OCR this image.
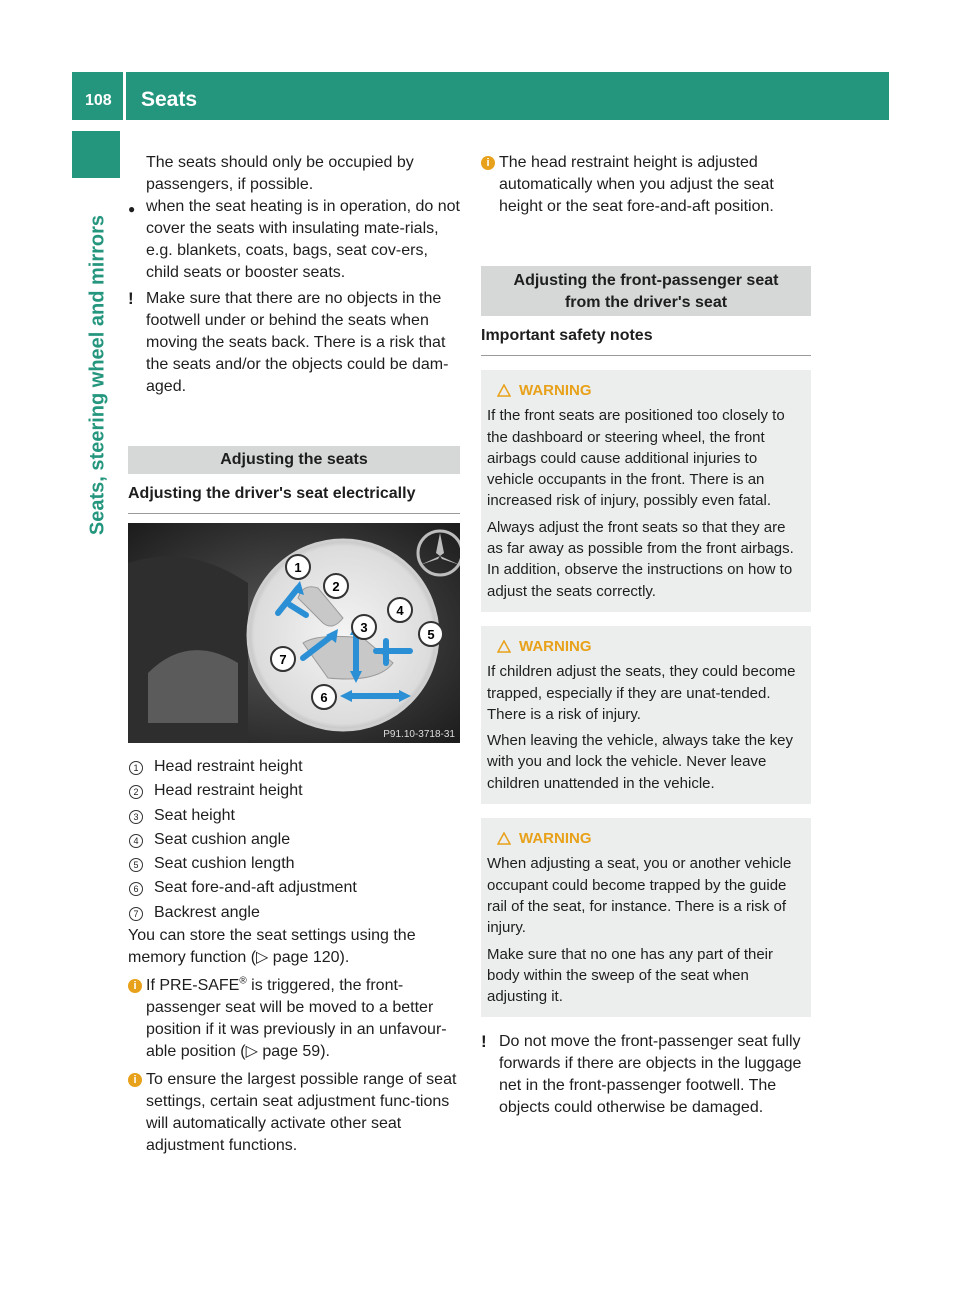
108 Seats
Seats, steering wheel and mirrors

The seats should only be occupied by passengers, if possible.

● when the seat heating is in operation, do not cover the seats with insulating mate-rials, e.g. blankets, coats, bags, seat cov-ers, child seats or booster seats.

! Make sure that there are no objects in the footwell under or behind the seats when moving the seats back. There is a risk that the seats and/or the objects could be dam-aged.

Adjusting the seats
Adjusting the driver's seat electrically
1
2
3
4
5
6
7
P91.10-3718-31
1 Head restraint height
2 Head restraint height
3 Seat height
4 Seat cushion angle
5 Seat cushion length
6 Seat fore-and-aft adjustment
7 Backrest angle

You can store the seat settings using the memory function (▷ page 120).

i If PRE-SAFE® is triggered, the front-passenger seat will be moved to a better position if it was previously in an unfavour-able position (▷ page 59).

i To ensure the largest possible range of seat settings, certain seat adjustment func-tions will automatically activate other seat adjustment functions.

i The head restraint height is adjusted automatically when you adjust the seat height or the seat fore-and-aft position.

Adjusting the front-passenger seat
from the driver's seat
Important safety notes
WARNING

If the front seats are positioned too closely to the dashboard or steering wheel, the front airbags could cause additional injuries to vehicle occupants in the front. There is an increased risk of injury, possibly even fatal.

Always adjust the front seats so that they are as far away as possible from the front airbags. In addition, observe the instructions on how to adjust the seats correctly.

WARNING

If children adjust the seats, they could become trapped, especially if they are unat-tended. There is a risk of injury.

When leaving the vehicle, always take the key with you and lock the vehicle. Never leave children unattended in the vehicle.

WARNING

When adjusting a seat, you or another vehicle occupant could become trapped by the guide rail of the seat, for instance. There is a risk of injury.

Make sure that no one has any part of their body within the sweep of the seat when adjusting it.

! Do not move the front-passenger seat fully forwards if there are objects in the luggage net in the front-passenger footwell. The objects could otherwise be damaged.
